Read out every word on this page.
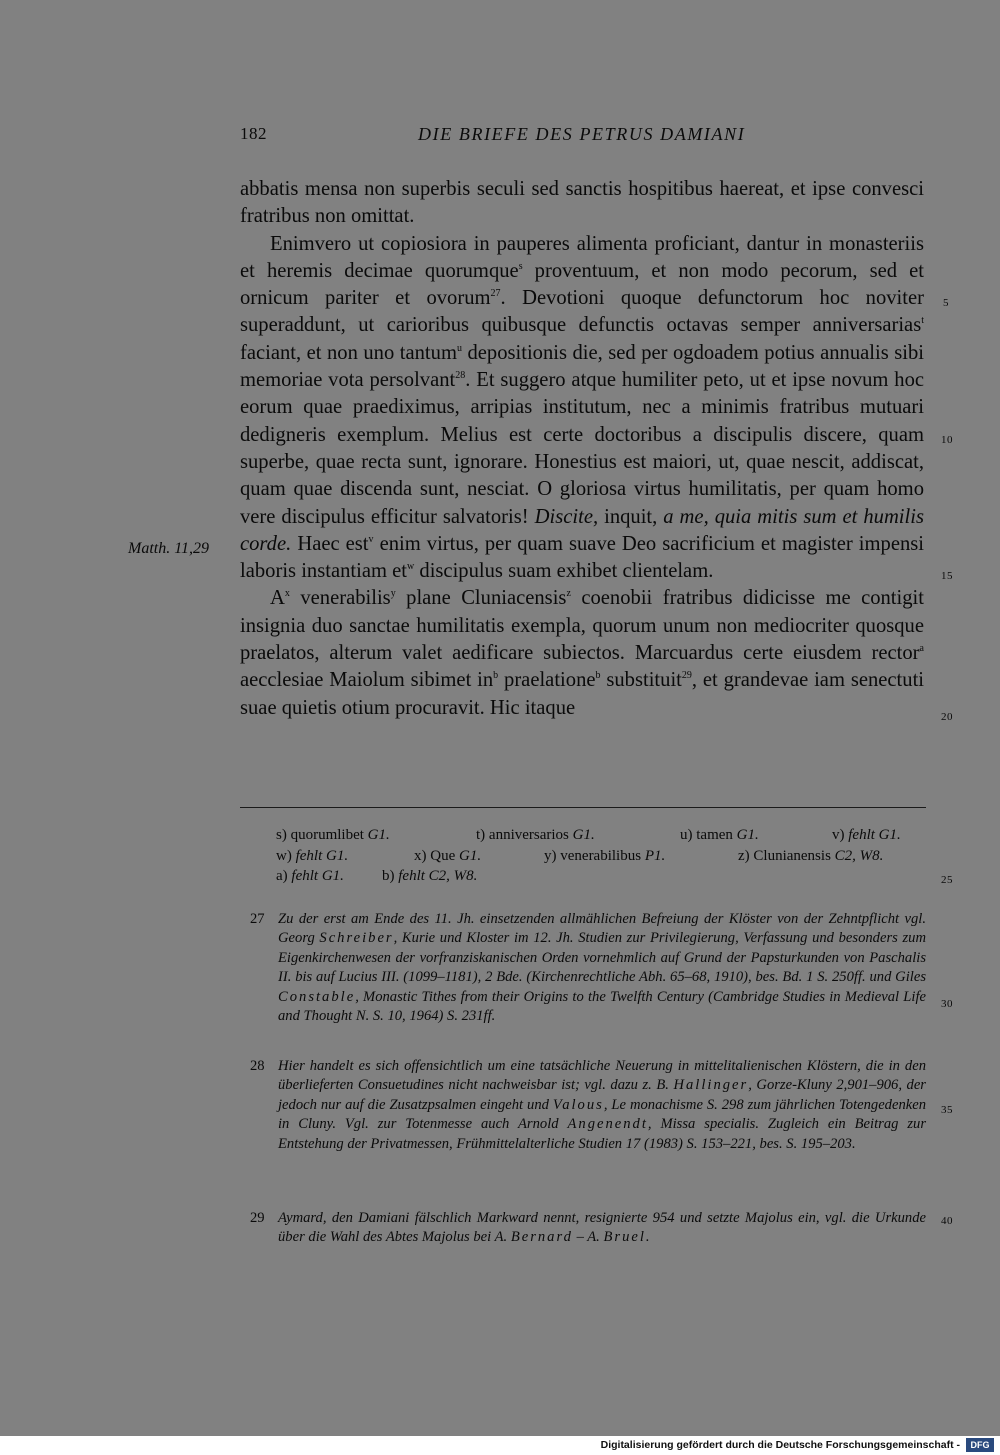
182	DIE BRIEFE DES PETRUS DAMIANI
Matth. 11,29
5
10
15
20
25
30
35
40

abbatis mensa non superbis seculi sed sanctis hospitibus haereat, et ipse convesci fratribus non omittat.

Enimvero ut copiosiora in pauperes alimenta proficiant, dantur in monasteriis et heremis decimae quorumque$^s$ proventuum, et non modo pecorum, sed et ornicum pariter et ovorum$^{27}$. Devotioni quoque defunctorum hoc noviter superaddunt, ut carioribus quibusque defunctis octavas semper anniversarias$^t$ faciant, et non uno tantum$^u$ depositionis die, sed per ogdoadem potius annualis sibi memoriae vota persolvant$^{28}$. Et suggero atque humiliter peto, ut et ipse novum hoc eorum quae praediximus, arripias institutum, nec a minimis fratribus mutuari dedigneris exemplum. Melius est certe doctoribus a discipulis discere, quam superbe, quae recta sunt, ignorare. Honestius est maiori, ut, quae nescit, addiscat, quam quae discenda sunt, nesciat. O gloriosa virtus humilitatis, per quam homo vere discipulus efficitur salvatoris! Discite, inquit, a me, quia mitis sum et humilis corde. Haec est$^v$ enim virtus, per quam suave Deo sacrificium et magister impensi laboris instantiam $et^w$ discipulus suam exhibet clientelam.

$A^x$ venerabilis$^y$ plane Cluniacensis$^z$ coenobii fratribus didicisse me contigit insignia duo sanctae humilitatis exempla, quorum unum non mediocriter quosque praelatos, alterum valet aedificare subiectos. Marcuardus certe eiusdem rector$^a$ aecclesiae Maiolum sibimet $in^b$ praelatione$^b$ substituit$^{29}$, et grandevae iam senectuti suae quietis otium procuravit. Hic itaque

s) quorumlibet G1.	t) anniversarios G1.	u) tamen G1.	v) fehlt G1.
w) fehlt G1.	x) Que G1.	y) venerabilibus P1.	z) Clunianensis C2, W8.
a) fehlt G1.	b) fehlt C2, W8.
27 Zu der erst am Ende des 11. Jh. einsetzenden allmählichen Befreiung der Klöster von der Zehntpflicht vgl. Georg Schreiber, Kurie und Kloster im 12. Jh. Studien zur Privilegierung, Verfassung und besonders zum Eigenkirchenwesen der vorfranziskanischen Orden vornehmlich auf Grund der Papsturkunden von Paschalis II. bis auf Lucius III. (1099–1181), 2 Bde. (Kirchenrechtliche Abh. 65–68, 1910), bes. Bd. 1 S. 250ff. und Giles Constable, Monastic Tithes from their Origins to the Twelfth Century (Cambridge Studies in Medieval Life and Thought N. S. 10, 1964) S. 231ff.
28 Hier handelt es sich offensichtlich um eine tatsächliche Neuerung in mittelitalienischen Klöstern, die in den überlieferten Consuetudines nicht nachweisbar ist; vgl. dazu z. B. Hallinger, Gorze-Kluny 2,901–906, der jedoch nur auf die Zusatzpsalmen eingeht und Valous, Le monachisme S. 298 zum jährlichen Totengedenken in Cluny. Vgl. zur Totenmesse auch Arnold Angenendt, Missa specialis. Zugleich ein Beitrag zur Entstehung der Privatmessen, Frühmittelalterliche Studien 17 (1983) S. 153–221, bes. S. 195–203.
29 Aymard, den Damiani fälschlich Markward nennt, resignierte 954 und setzte Majolus ein, vgl. die Urkunde über die Wahl des Abtes Majolus bei A. Bernard – A. Bruel.
Digitalisierung gefördert durch die Deutsche Forschungsgemeinschaft -	DFG
